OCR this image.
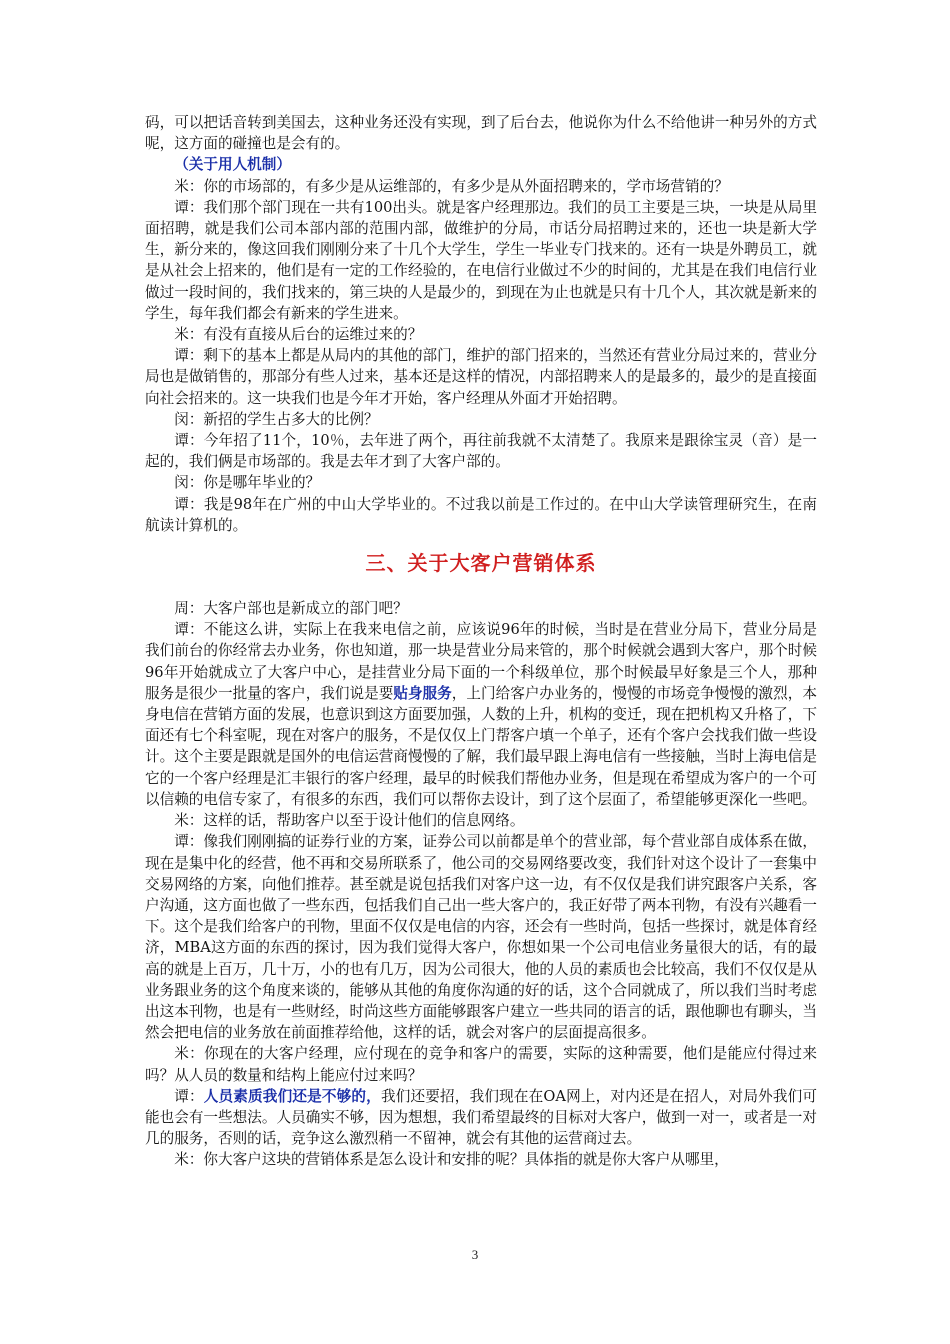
码，可以把话音转到美国去，这种业务还没有实现，到了后台去，他说你为什么不给他讲一种另外的方式呢，这方面的碰撞也是会有的。

（关于用人机制）

米：你的市场部的，有多少是从运维部的，有多少是从外面招聘来的，学市场营销的？

谭：我们那个部门现在一共有100出头。就是客户经理那边。我们的员工主要是三块，一块是从局里面招聘，就是我们公司本部内部的范围内部，做维护的分局，市话分局招聘过来的，还也一块是新大学生，新分来的，像这回我们刚刚分来了十几个大学生，学生一毕业专门找来的。还有一块是外聘员工，就是从社会上招来的，他们是有一定的工作经验的，在电信行业做过不少的时间的，尤其是在我们电信行业做过一段时间的，我们找来的，第三块的人是最少的，到现在为止也就是只有十几个人，其次就是新来的学生，每年我们都会有新来的学生进来。

米：有没有直接从后台的运维过来的？

谭：剩下的基本上都是从局内的其他的部门，维护的部门招来的，当然还有营业分局过来的，营业分局也是做销售的，那部分有些人过来，基本还是这样的情况，内部招聘来人的是最多的，最少的是直接面向社会招来的。这一块我们也是今年才开始，客户经理从外面才开始招聘。

闵：新招的学生占多大的比例？

谭：今年招了11个，10％，去年进了两个，再往前我就不太清楚了。我原来是跟徐宝灵（音）是一起的，我们俩是市场部的。我是去年才到了大客户部的。

闵：你是哪年毕业的？

谭：我是98年在广州的中山大学毕业的。不过我以前是工作过的。在中山大学读管理研究生，在南航读计算机的。

三、关于大客户营销体系

周：大客户部也是新成立的部门吧？

谭：不能这么讲，实际上在我来电信之前，应该说96年的时候，当时是在营业分局下，营业分局是我们前台的你经常去办业务，你也知道，那一块是营业分局来管的，那个时候就会遇到大客户，那个时候96年开始就成立了大客户中心，是挂营业分局下面的一个科级单位，那个时候最早好象是三个人，那种服务是很少一批量的客户，我们说是要贴身服务，上门给客户办业务的，慢慢的市场竞争慢慢的激烈，本身电信在营销方面的发展，也意识到这方面要加强，人数的上升，机构的变迁，现在把机构又升格了，下面还有七个科室呢，现在对客户的服务，不是仅仅上门帮客户填一个单子，还有个客户会找我们做一些设计。这个主要是跟就是国外的电信运营商慢慢的了解，我们最早跟上海电信有一些接触，当时上海电信是它的一个客户经理是汇丰银行的客户经理，最早的时候我们帮他办业务，但是现在希望成为客户的一个可以信赖的电信专家了，有很多的东西，我们可以帮你去设计，到了这个层面了，希望能够更深化一些吧。

米：这样的话，帮助客户以至于设计他们的信息网络。

谭：像我们刚刚搞的证券行业的方案，证券公司以前都是单个的营业部，每个营业部自成体系在做，现在是集中化的经营，他不再和交易所联系了，他公司的交易网络要改变，我们针对这个设计了一套集中交易网络的方案，向他们推荐。甚至就是说包括我们对客户这一边，有不仅仅是我们讲究跟客户关系，客户沟通，这方面也做了一些东西，包括我们自己出一些大客户的，我正好带了两本刊物，有没有兴趣看一下。这个是我们给客户的刊物，里面不仅仅是电信的内容，还会有一些时尚，包括一些探讨，就是体育经济，MBA这方面的东西的探讨，因为我们觉得大客户，你想如果一个公司电信业务量很大的话，有的最高的就是上百万，几十万，小的也有几万，因为公司很大，他的人员的素质也会比较高，我们不仅仅是从业务跟业务的这个角度来谈的，能够从其他的角度你沟通的好的话，这个合同就成了，所以我们当时考虑出这本刊物，也是有一些财经，时尚这些方面能够跟客户建立一些共同的语言的话，跟他聊也有聊头，当然会把电信的业务放在前面推荐给他，这样的话，就会对客户的层面提高很多。

米：你现在的大客户经理，应付现在的竞争和客户的需要，实际的这种需要，他们是能应付得过来吗？从人员的数量和结构上能应付过来吗？

谭：人员素质我们还是不够的，我们还要招，我们现在在OA网上，对内还是在招人，对局外我们可能也会有一些想法。人员确实不够，因为想想，我们希望最终的目标对大客户，做到一对一，或者是一对几的服务，否则的话，竞争这么激烈稍一不留神，就会有其他的运营商过去。

米：你大客户这块的营销体系是怎么设计和安排的呢？具体指的就是你大客户从哪里，

3
